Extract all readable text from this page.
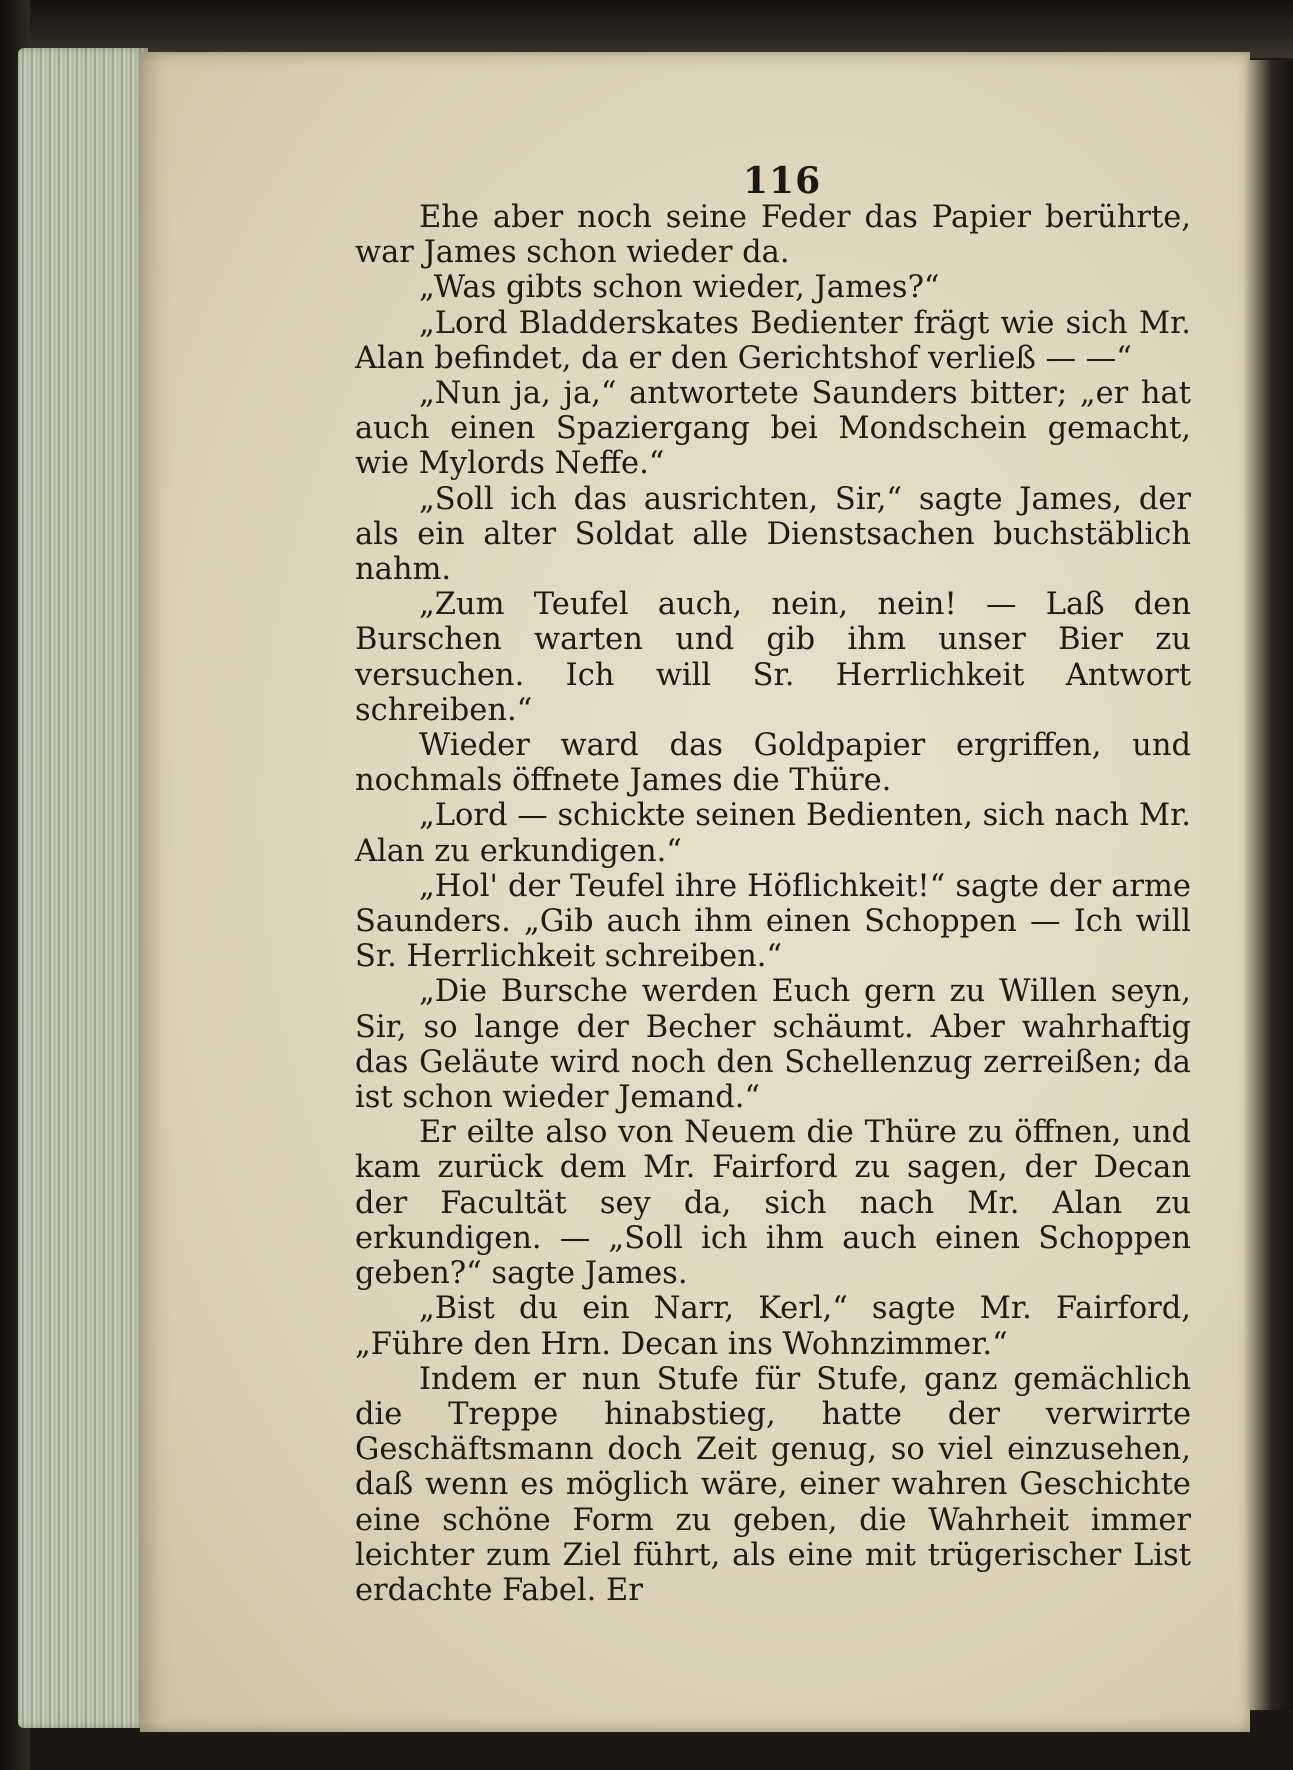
116

Ehe aber noch seine Feder das Papier berührte, war James schon wieder da.

„Was gibts schon wieder, James?“

„Lord Bladderskates Bedienter frägt wie sich Mr. Alan befindet, da er den Gerichtshof verließ — —“

„Nun ja, ja,“ antwortete Saunders bitter; „er hat auch einen Spaziergang bei Mondschein gemacht, wie Mylords Neffe.“

„Soll ich das ausrichten, Sir,“ sagte James, der als ein alter Soldat alle Dienstsachen buchstäblich nahm.

„Zum Teufel auch, nein, nein! — Laß den Burschen warten und gib ihm unser Bier zu versuchen. Ich will Sr. Herrlichkeit Antwort schreiben.“

Wieder ward das Goldpapier ergriffen, und nochmals öffnete James die Thüre.

„Lord — schickte seinen Bedienten, sich nach Mr. Alan zu erkundigen.“

„Hol' der Teufel ihre Höflichkeit!“ sagte der arme Saunders. „Gib auch ihm einen Schoppen — Ich will Sr. Herrlichkeit schreiben.“

„Die Bursche werden Euch gern zu Willen seyn, Sir, so lange der Becher schäumt. Aber wahrhaftig das Geläute wird noch den Schellenzug zerreißen; da ist schon wieder Jemand.“

Er eilte also von Neuem die Thüre zu öffnen, und kam zurück dem Mr. Fairford zu sagen, der Decan der Facultät sey da, sich nach Mr. Alan zu erkundigen. — „Soll ich ihm auch einen Schoppen geben?“ sagte James.

„Bist du ein Narr, Kerl,“ sagte Mr. Fairford, „Führe den Hrn. Decan ins Wohnzimmer.“

Indem er nun Stufe für Stufe, ganz gemächlich die Treppe hinabstieg, hatte der verwirrte Geschäftsmann doch Zeit genug, so viel einzusehen, daß wenn es möglich wäre, einer wahren Geschichte eine schöne Form zu geben, die Wahrheit immer leichter zum Ziel führt, als eine mit trügerischer List erdachte Fabel. Er
